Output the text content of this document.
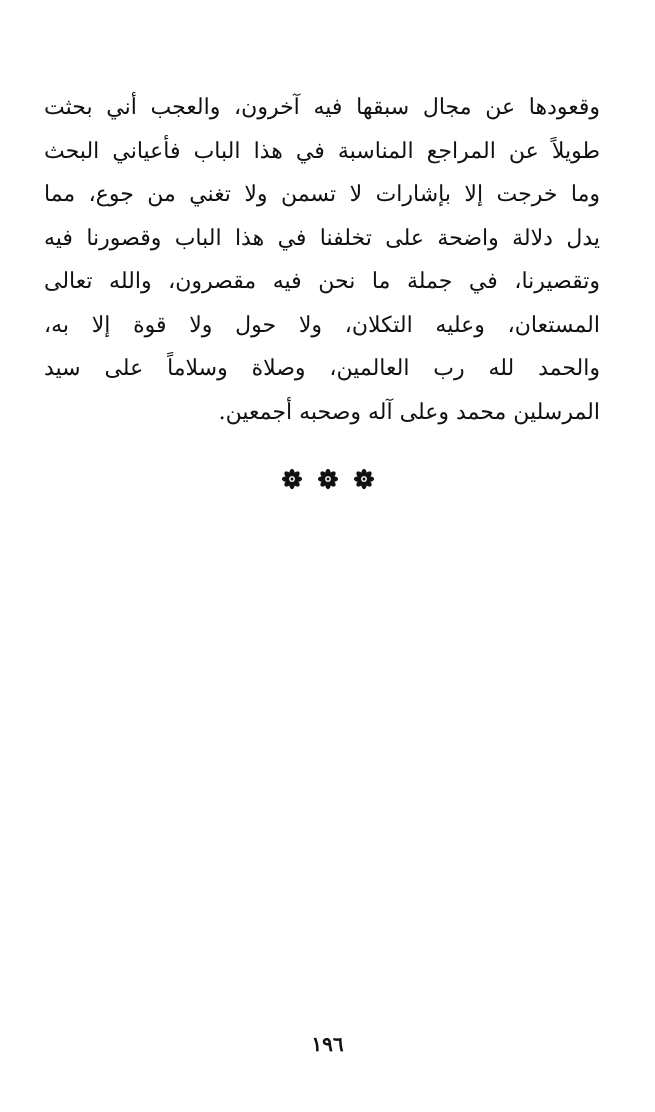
وقعودها عن مجال سبقها فيه آخرون، والعجب أني بحثت
طويلاً عن المراجع المناسبة في هذا الباب فأعياني البحث
وما خرجت إلا بإشارات لا تسمن ولا تغني من جوع، مما
يدل دلالة واضحة على تخلفنا في هذا الباب وقصورنا فيه
وتقصيرنا، في جملة ما نحن فيه مقصرون، والله تعالى
المستعان، وعليه التكلان، ولا حول ولا قوة إلا به،
والحمد لله رب العالمين، وصلاة وسلاماً على سيد
المرسلين محمد وعلى آله وصحبه أجمعين.
١٩٦
